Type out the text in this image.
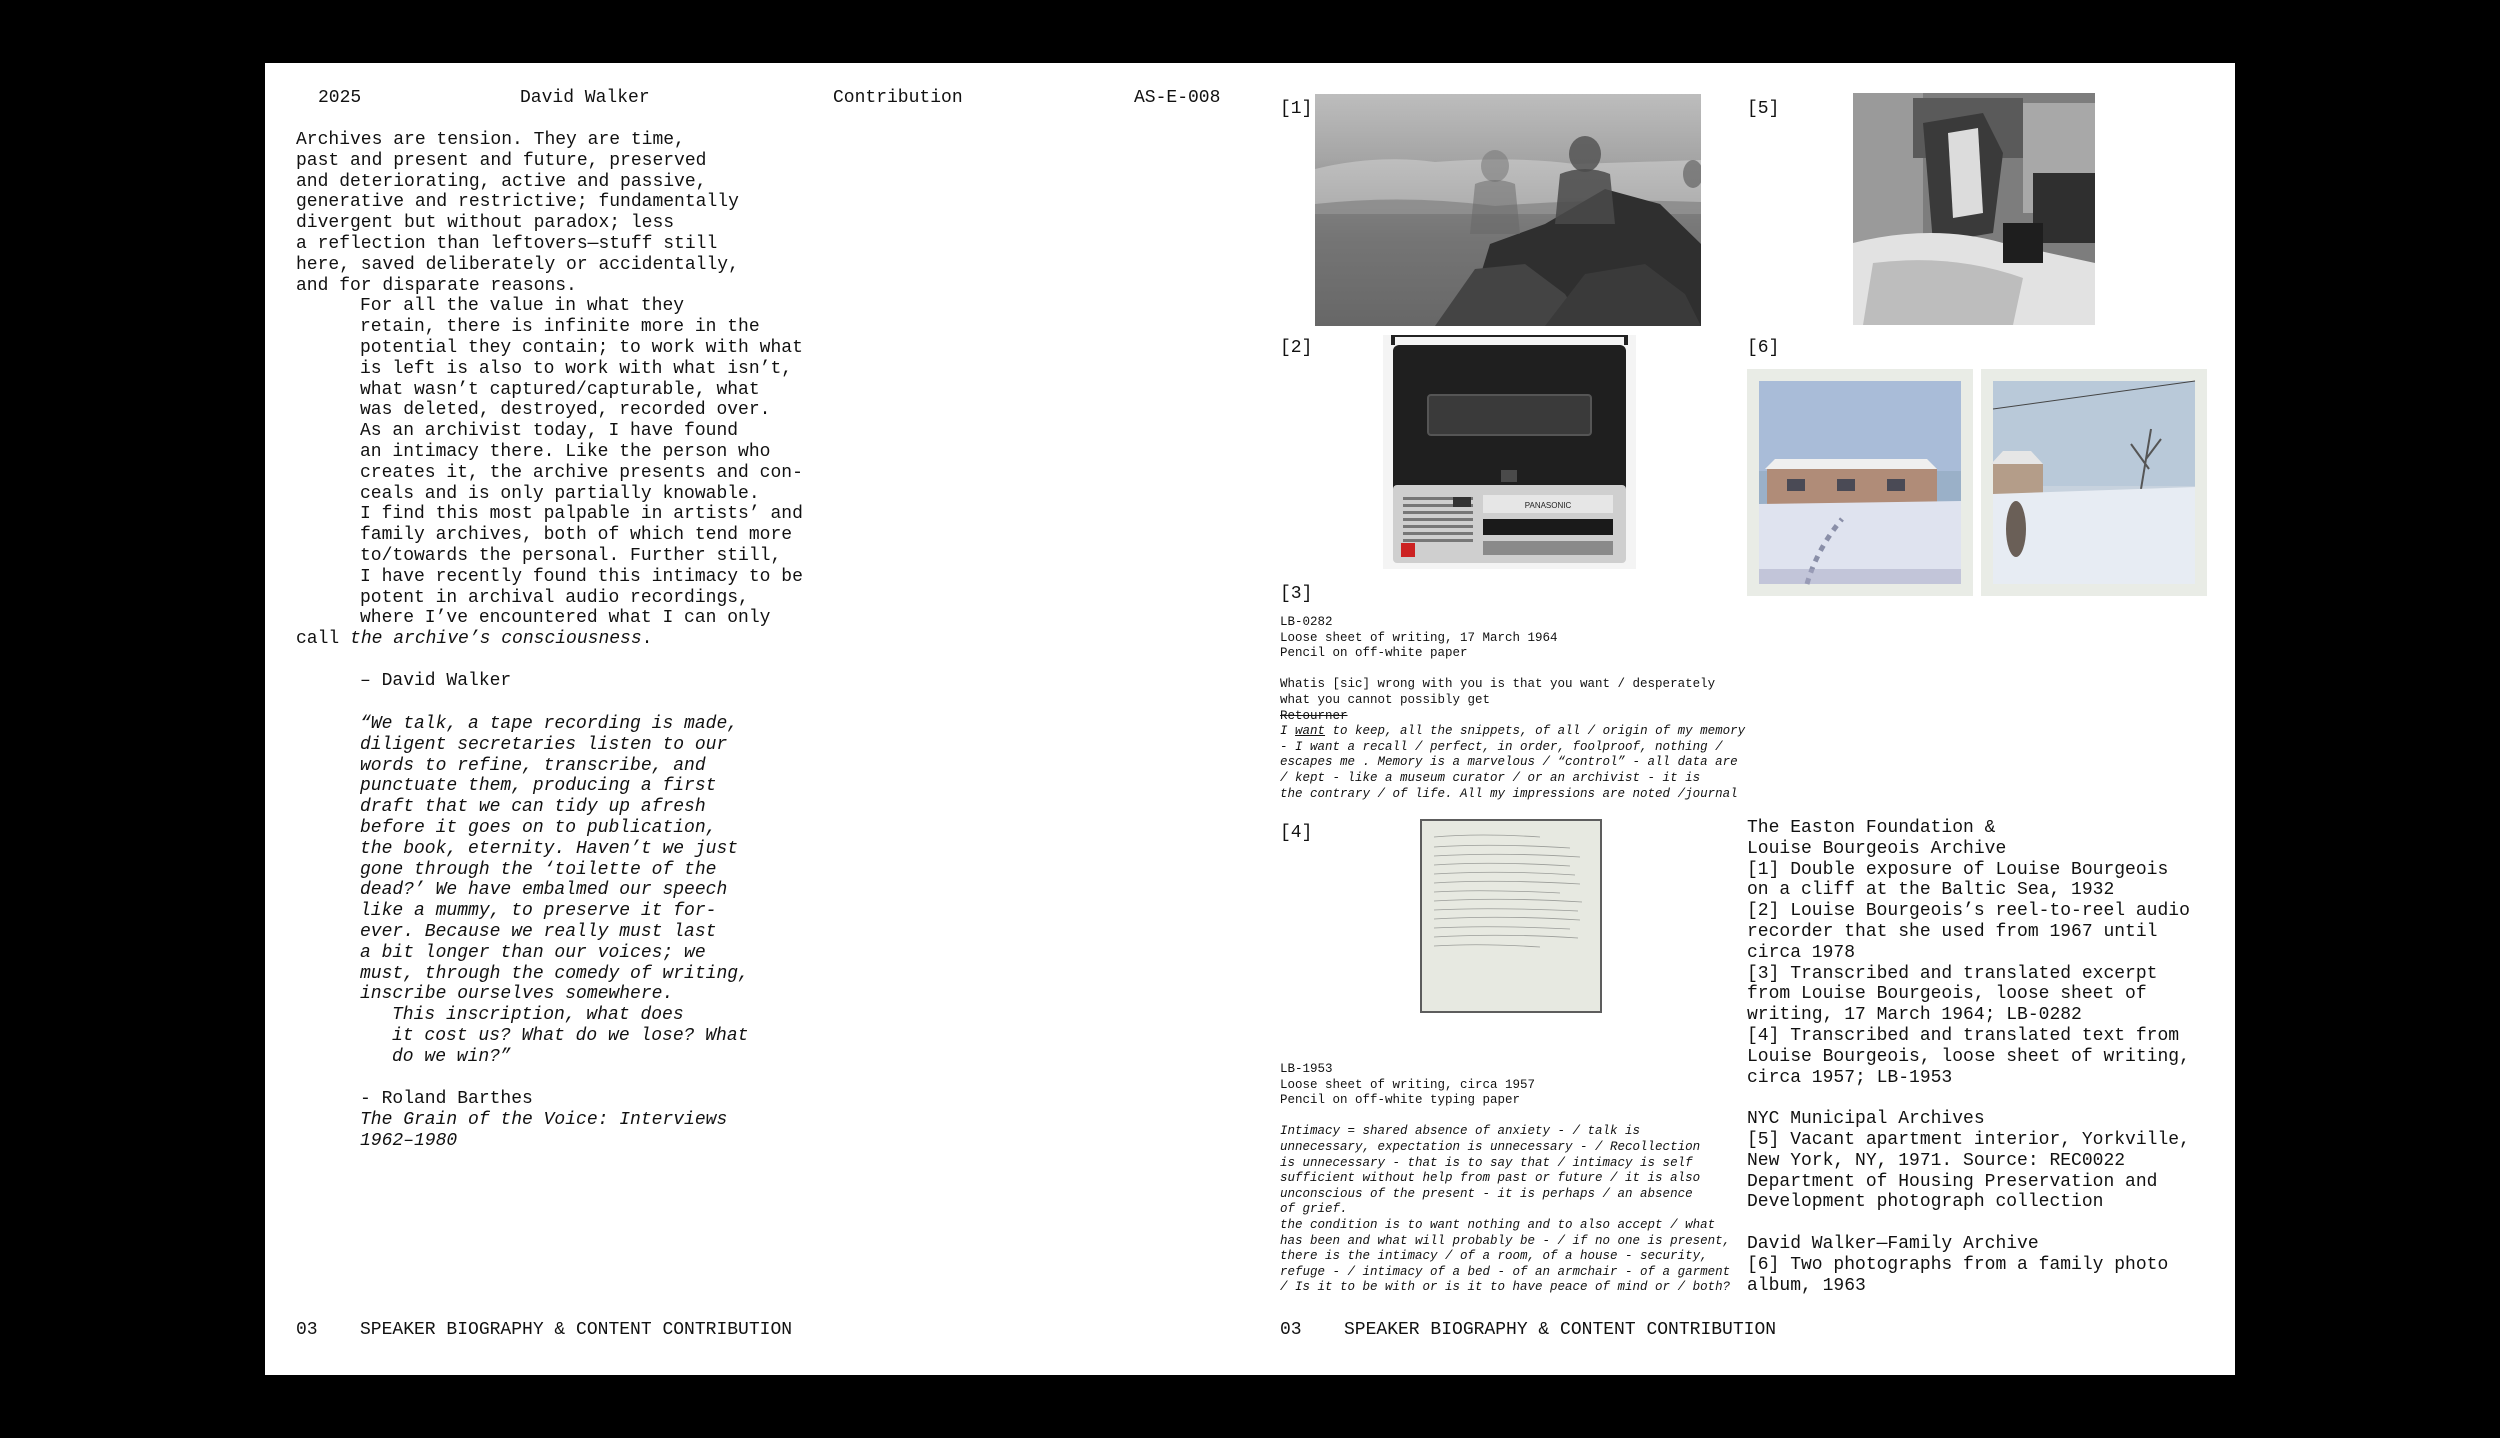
2025	David Walker	Contribution	AS-E-008
Archives are tension. They are time,
past and present and future, preserved
and deteriorating, active and passive,
generative and restrictive; fundamentally
divergent but without paradox; less
a reflection than leftovers—stuff still
here, saved deliberately or accidentally,
and for disparate reasons.
For all the value in what they
retain, there is infinite more in the
potential they contain; to work with what
is left is also to work with what isn’t,
what wasn’t captured/capturable, what
was deleted, destroyed, recorded over.
As an archivist today, I have found
an intimacy there. Like the person who
creates it, the archive presents and con-
ceals and is only partially knowable.
I find this most palpable in artists’ and
family archives, both of which tend more
to/towards the personal. Further still,
I have recently found this intimacy to be
potent in archival audio recordings,
where I’ve encountered what I can only
call the archive’s consciousness.
– David Walker
“We talk, a tape recording is made,
diligent secretaries listen to our
words to refine, transcribe, and
punctuate them, producing a first
draft that we can tidy up afresh
before it goes on to publication,
the book, eternity. Haven’t we just
gone through the ‘toilette of the
dead?’ We have embalmed our speech
like a mummy, to preserve it for-
ever. Because we really must last
a bit longer than our voices; we
must, through the comedy of writing,
inscribe ourselves somewhere.
This inscription, what does
it cost us? What do we lose? What
do we win?”
- Roland Barthes
The Grain of the Voice: Interviews
1962–1980
03 SPEAKER BIOGRAPHY & CONTENT CONTRIBUTION	03 SPEAKER BIOGRAPHY & CONTENT CONTRIBUTION
[1]
[2]
[3]
[4]
[5]
[6]
PANASONIC
LB-0282
Loose sheet of writing, 17 March 1964
Pencil on off-white paper
Whatis [sic] wrong with you is that you want / desperately
what you cannot possibly get
Retourner
I want to keep, all the snippets, of all / origin of my memory
- I want a recall / perfect, in order, foolproof, nothing /
escapes me . Memory is a marvelous / “control” - all data are
/ kept - like a museum curator / or an archivist - it is
the contrary / of life. All my impressions are noted /journal
LB-1953
Loose sheet of writing, circa 1957
Pencil on off-white typing paper
Intimacy = shared absence of anxiety - / talk is
unnecessary, expectation is unnecessary - / Recollection
is unnecessary - that is to say that / intimacy is self
sufficient without help from past or future / it is also
unconscious of the present - it is perhaps / an absence
of grief.
the condition is to want nothing and to also accept / what
has been and what will probably be - / if no one is present,
there is the intimacy / of a room, of a house - security,
refuge - / intimacy of a bed - of an armchair - of a garment
/ Is it to be with or is it to have peace of mind or / both?
The Easton Foundation &
Louise Bourgeois Archive
[1] Double exposure of Louise Bourgeois
on a cliff at the Baltic Sea, 1932
[2] Louise Bourgeois’s reel-to-reel audio
recorder that she used from 1967 until
circa 1978
[3] Transcribed and translated excerpt
from Louise Bourgeois, loose sheet of
writing, 17 March 1964; LB-0282
[4] Transcribed and translated text from
Louise Bourgeois, loose sheet of writing,
circa 1957; LB-1953
NYC Municipal Archives
[5] Vacant apartment interior, Yorkville,
New York, NY, 1971. Source: REC0022
Department of Housing Preservation and
Development photograph collection
David Walker—Family Archive
[6] Two photographs from a family photo
album, 1963
